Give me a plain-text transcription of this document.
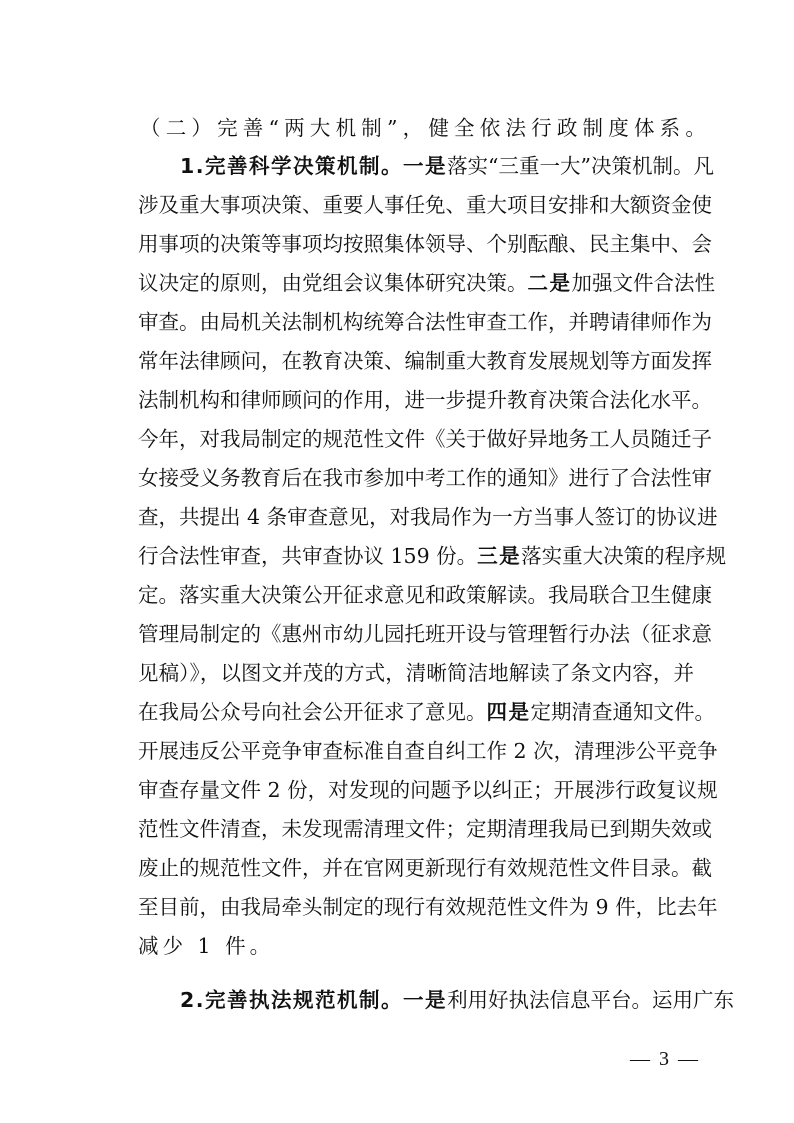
（二）完善“两大机制”，健全依法行政制度体系。
1.完善科学决策机制。一是落实“三重一大”决策机制。凡
涉及重大事项决策、重要人事任免、重大项目安排和大额资金使
用事项的决策等事项均按照集体领导、个别酝酿、民主集中、会
议决定的原则，由党组会议集体研究决策。二是加强文件合法性
审查。由局机关法制机构统筹合法性审查工作，并聘请律师作为
常年法律顾问，在教育决策、编制重大教育发展规划等方面发挥
法制机构和律师顾问的作用，进一步提升教育决策合法化水平。
今年，对我局制定的规范性文件《关于做好异地务工人员随迁子
女接受义务教育后在我市参加中考工作的通知》进行了合法性审
查，共提出 4 条审查意见，对我局作为一方当事人签订的协议进
行合法性审查，共审查协议 159 份。三是落实重大决策的程序规
定。落实重大决策公开征求意见和政策解读。我局联合卫生健康
管理局制定的《惠州市幼儿园托班开设与管理暂行办法（征求意
见稿）》，以图文并茂的方式，清晰简洁地解读了条文内容，并
在我局公众号向社会公开征求了意见。四是定期清查通知文件。
开展违反公平竞争审查标准自查自纠工作 2 次，清理涉公平竞争
审查存量文件 2 份，对发现的问题予以纠正；开展涉行政复议规
范性文件清查，未发现需清理文件；定期清理我局已到期失效或
废止的规范性文件，并在官网更新现行有效规范性文件目录。截
至目前，由我局牵头制定的现行有效规范性文件为 9 件，比去年
减少 1 件。
2.完善执法规范机制。一是利用好执法信息平台。运用广东
— 3 —
